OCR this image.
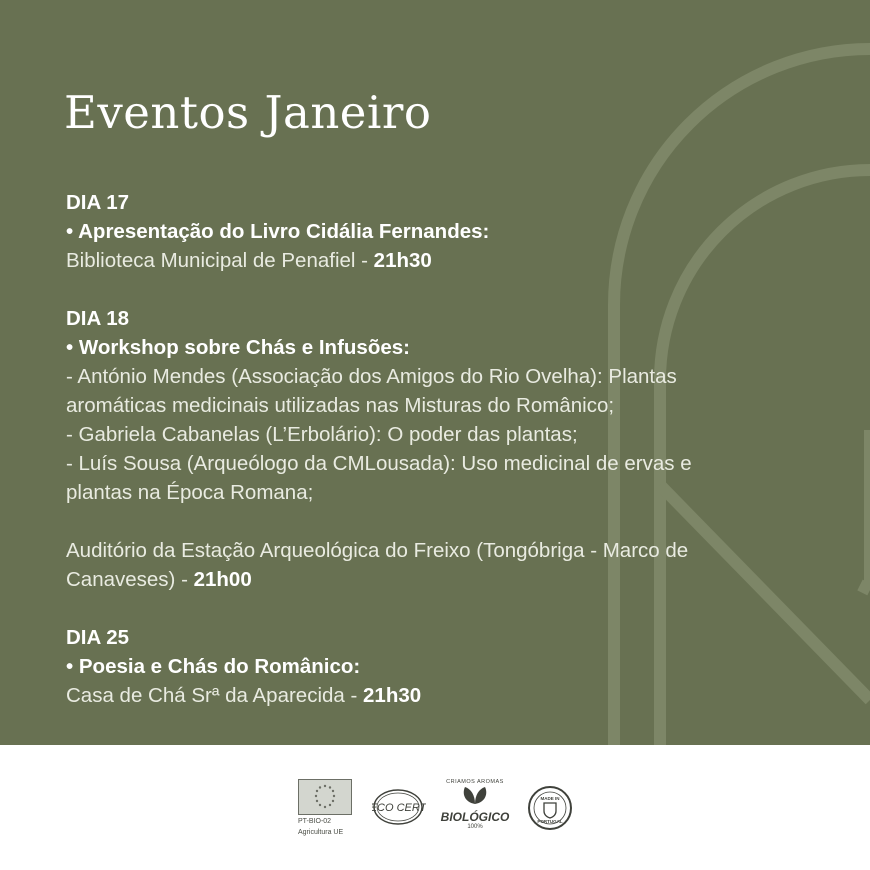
Eventos Janeiro
DIA 17
• Apresentação do Livro Cidália Fernandes:
Biblioteca Municipal de Penafiel - 21h30
DIA 18
• Workshop sobre Chás e Infusões:
- António Mendes (Associação dos Amigos do Rio Ovelha): Plantas
aromáticas medicinais utilizadas nas Misturas do Românico;
- Gabriela Cabanelas (L’Erbolário): O poder das plantas;
- Luís Sousa (Arqueólogo da CMLousada): Uso medicinal de ervas e
plantas na Época Romana;
Auditório da Estação Arqueológica do Freixo (Tongóbriga - Marco de
Canaveses) - 21h00
DIA 25
• Poesia e Chás do Românico:
Casa de Chá Srª da Aparecida - 21h30
PT-BIO-02
Agricultura UE
ECO CERT
CRIAMOS AROMAS
BIOLÓGICO
100%
MADE IN
PORTUGAL
